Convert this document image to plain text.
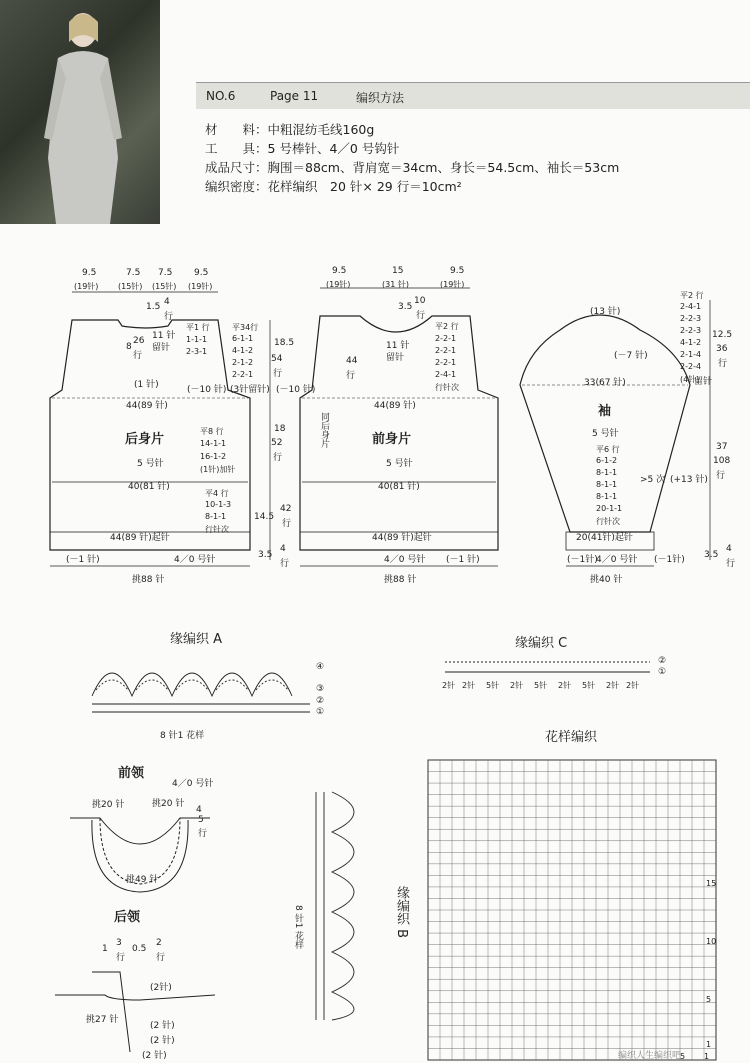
NO.6	Page 11	编织方法
材　　料：中粗混纺毛线160g
工　　具：5 号棒针、4／0 号钩针
成品尺寸：胸围＝88cm、背肩宽＝34cm、身长＝54.5cm、袖长＝53cm
编织密度：花样编织　20 针× 29 行＝10cm²
9.5	7.5 7.5 9.5
(19针) (15针) (15针) (19针)
1.5 4
行
8
26
行
11 针
留针
平1 行
1-1-1
2-3-1
平34行
6-1-1
4-1-2
2-1-2
2-2-1
(1 针)	(－10 针) (3针留针)
18.5
54
行
44(89 针)
后身片
5 号针
平8 行
14-1-1
16-1-2
(1针)加针
18
52
行
40(81 针)
平4 行
10-1-3
8-1-1
行针次
14.5
42
行
44(89 针)起针
(－1 针)	4／0 号针	3.5
4
行
挑88 针
9.5	15	9.5
(19针)	(31 针)	(19针)
3.5
10
行
11 针
留针
平2 行
2-2-1
2-2-1
2-2-1
2-4-1
行针次
44
行
(－10 针)
44(89 针)
同后身片	前身片
5 号针
40(81 针)
44(89 针)起针
4／0 号针 (－1 针)
挑88 针
(13 针)
平2 行
2-4-1
2-2-3
2-2-3
4-1-2
2-1-4
2-2-4
(4针)
12.5
36
行
留针
(－7 针)
33(67 针)
袖
5 号针
平6 行
6-1-2
8-1-1
8-1-1
8-1-1
20-1-1
行针次
>5 次 (+13 针)
37
108
行
20(41针)起针
(－1针)
4／0 号针 (－1针) 3.5
4
行
挑40 针
缘编织 A
④
③
②
①
8 针1 花样
缘编织 C
②
①
2针 2针 5针 2针 5针 2针 5针 2针 2针
花样编织
15
10
5
1
5 1
前领
4／0 号针
挑20 针	挑20 针
4
5
行
挑49 针
后领
1
3
行
0.5
2
行
(2针)
挑27 针
(2 针)
(2 针)
(2 针)
缘编织 B
8 针1 花样
编织人生编织吧
